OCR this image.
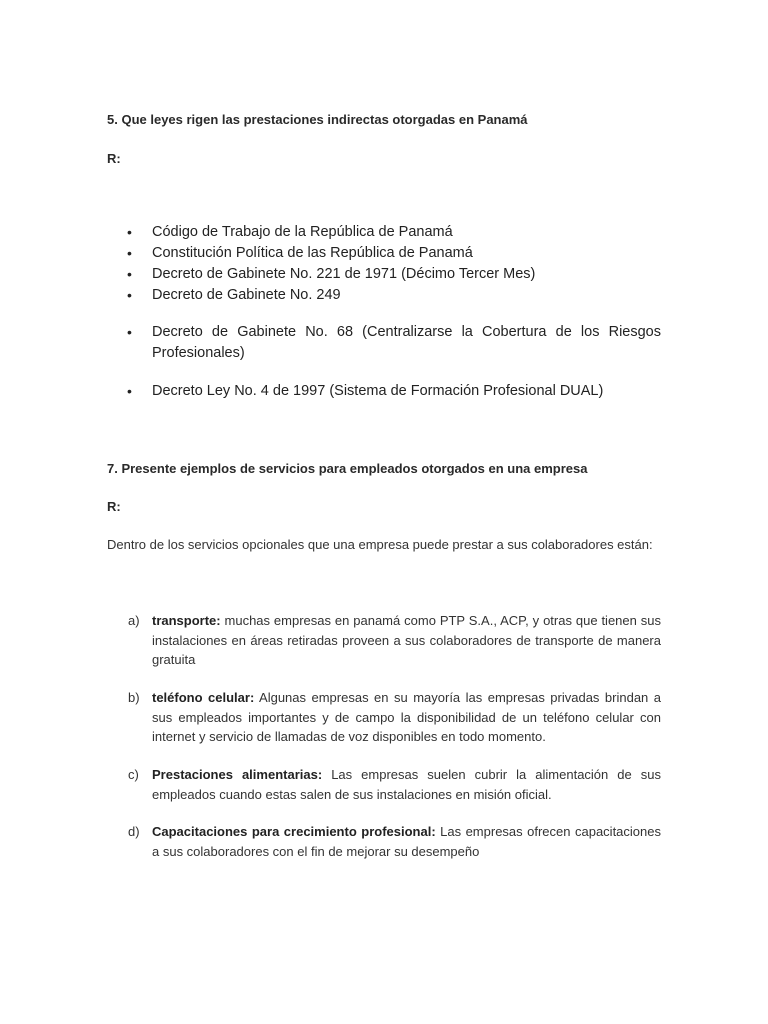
5. Que leyes rigen las prestaciones indirectas otorgadas en Panamá

R:

• Código de Trabajo de la República de Panamá
• Constitución Política de las República de Panamá
• Decreto de Gabinete No. 221 de 1971 (Décimo Tercer Mes)
• Decreto de Gabinete No. 249
• Decreto de Gabinete No. 68 (Centralizarse la Cobertura de los Riesgos Profesionales)
• Decreto Ley No. 4 de 1997 (Sistema de Formación Profesional DUAL)

7. Presente ejemplos de servicios para empleados otorgados en una empresa

R:

Dentro de los servicios opcionales que una empresa puede prestar a sus colaboradores están:

a) transporte: muchas empresas en panamá como PTP S.A., ACP, y otras que tienen sus instalaciones en áreas retiradas proveen a sus colaboradores de transporte de manera gratuita
b) teléfono celular: Algunas empresas en su mayoría las empresas privadas brindan a sus empleados importantes y de campo la disponibilidad de un teléfono celular con internet y servicio de llamadas de voz disponibles en todo momento.
c) Prestaciones alimentarias: Las empresas suelen cubrir la alimentación de sus empleados cuando estas salen de sus instalaciones en misión oficial.
d) Capacitaciones para crecimiento profesional: Las empresas ofrecen capacitaciones a sus colaboradores con el fin de mejorar su desempeño
